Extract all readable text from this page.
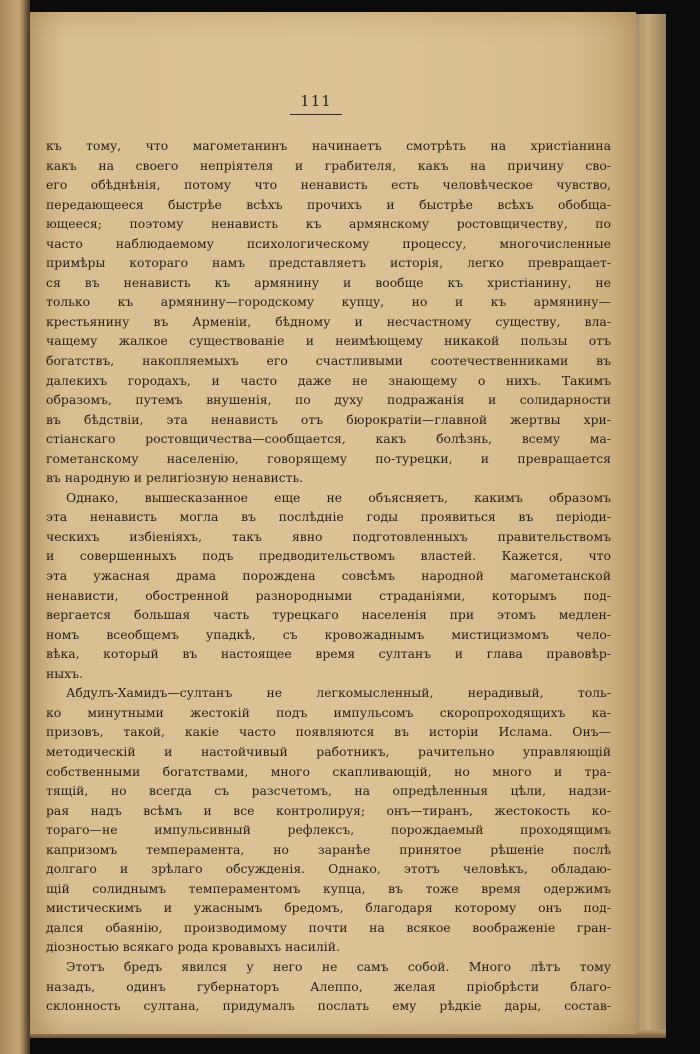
111
къ тому, что магометанинъ начинаетъ смотрѣть на христіанина
какъ на своего непріятеля и грабителя, какъ на причину сво-
его обѣднѣнія, потому что ненависть есть человѣческое чувство,
передающееся быстрѣе всѣхъ прочихъ и быстрѣе всѣхъ обобща-
ющееся; поэтому ненависть къ армянскому ростовщичеству, по
часто наблюдаемому психологическому процессу, многочисленные
примѣры котораго намъ представляетъ исторія, легко превращает-
ся въ ненависть къ армянину и вообще къ христіанину, не
только къ армянину—городскому купцу, но и къ армянину—
крестьянину въ Арменіи, бѣдному и несчастному существу, вла-
чащему жалкое существованіе и неимѣющему никакой пользы отъ
богатствъ, накопляемыхъ его счастливыми соотечественниками въ
далекихъ городахъ, и часто даже не знающему о нихъ. Такимъ
образомъ, путемъ внушенія, по духу подражанія и солидарности
въ бѣдствіи, эта ненависть отъ бюрократіи—главной жертвы хри-
стіанскаго ростовщичества—сообщается, какъ болѣзнь, всему ма-
гометанскому населенію, говорящему по-турецки, и превращается
въ народную и религіозную ненависть.
Однако, вышесказанное еще не объясняетъ, какимъ образомъ
эта ненависть могла въ послѣдніе годы проявиться въ періоди-
ческихъ избіеніяхъ, такъ явно подготовленныхъ правительствомъ
и совершенныхъ подъ предводительствомъ властей. Кажется, что
эта ужасная драма порождена совсѣмъ народной магометанской
ненависти, обостренной разнородными страданіями, которымъ под-
вергается большая часть турецкаго населенія при этомъ медлен-
номъ всеобщемъ упадкѣ, съ кровожаднымъ мистицизмомъ чело-
вѣка, который въ настоящее время султанъ и глава правовѣр-
ныхъ.
Абдулъ-Хамидъ—султанъ не легкомысленный, нерадивый, толь-
ко минутными жестокій подъ импульсомъ скоропроходящихъ ка-
призовъ, такой, какіе часто появляются въ исторіи Ислама. Онъ—
методическій и настойчивый работникъ, рачительно управляющій
собственными богатствами, много скапливающій, но много и тра-
тящій, но всегда съ разсчетомъ, на опредѣленныя цѣли, надзи-
рая надъ всѣмъ и все контролируя; онъ—тиранъ, жестокость ко-
тораго—не импульсивный рефлексъ, порождаемый проходящимъ
капризомъ темперамента, но заранѣе принятое рѣшеніе послѣ
долгаго и зрѣлаго обсужденія. Однако, этотъ человѣкъ, обладаю-
щій солиднымъ темпераментомъ купца, въ тоже время одержимъ
мистическимъ и ужаснымъ бредомъ, благодаря которому онъ под-
дался обаянію, производимому почти на всякое воображеніе гран-
діозностью всякаго рода кровавыхъ насилій.
Этотъ бредъ явился у него не самъ собой. Много лѣтъ тому
назадъ, одинъ губернаторъ Алеппо, желая пріобрѣсти благо-
склонность султана, придумалъ послать ему рѣдкіе дары, состав-
